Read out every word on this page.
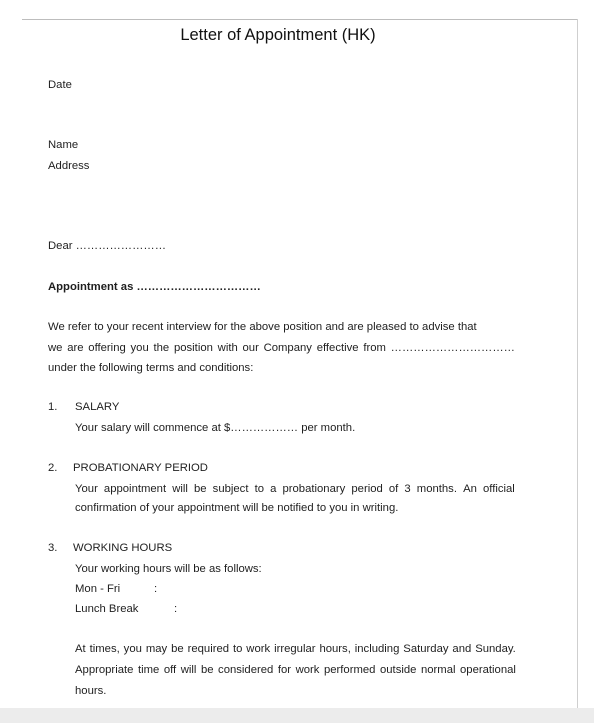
Letter of Appointment (HK)
Date
Name
Address
Dear ……………………
Appointment as ……………………………
We refer to your recent interview for the above position and are pleased to advise that
we are offering you the position with our Company effective from ……………………………
under the following terms and conditions:
1. SALARY
Your salary will commence at $……………… per month.
2. PROBATIONARY PERIOD
Your appointment will be subject to a probationary period of 3 months. An official
confirmation of your appointment will be notified to you in writing.
3. WORKING HOURS
Your working hours will be as follows:
Mon - Fri	:
Lunch Break	:
At times, you may be required to work irregular hours, including Saturday and Sunday.
Appropriate time off will be considered for work performed outside normal operational
hours.
